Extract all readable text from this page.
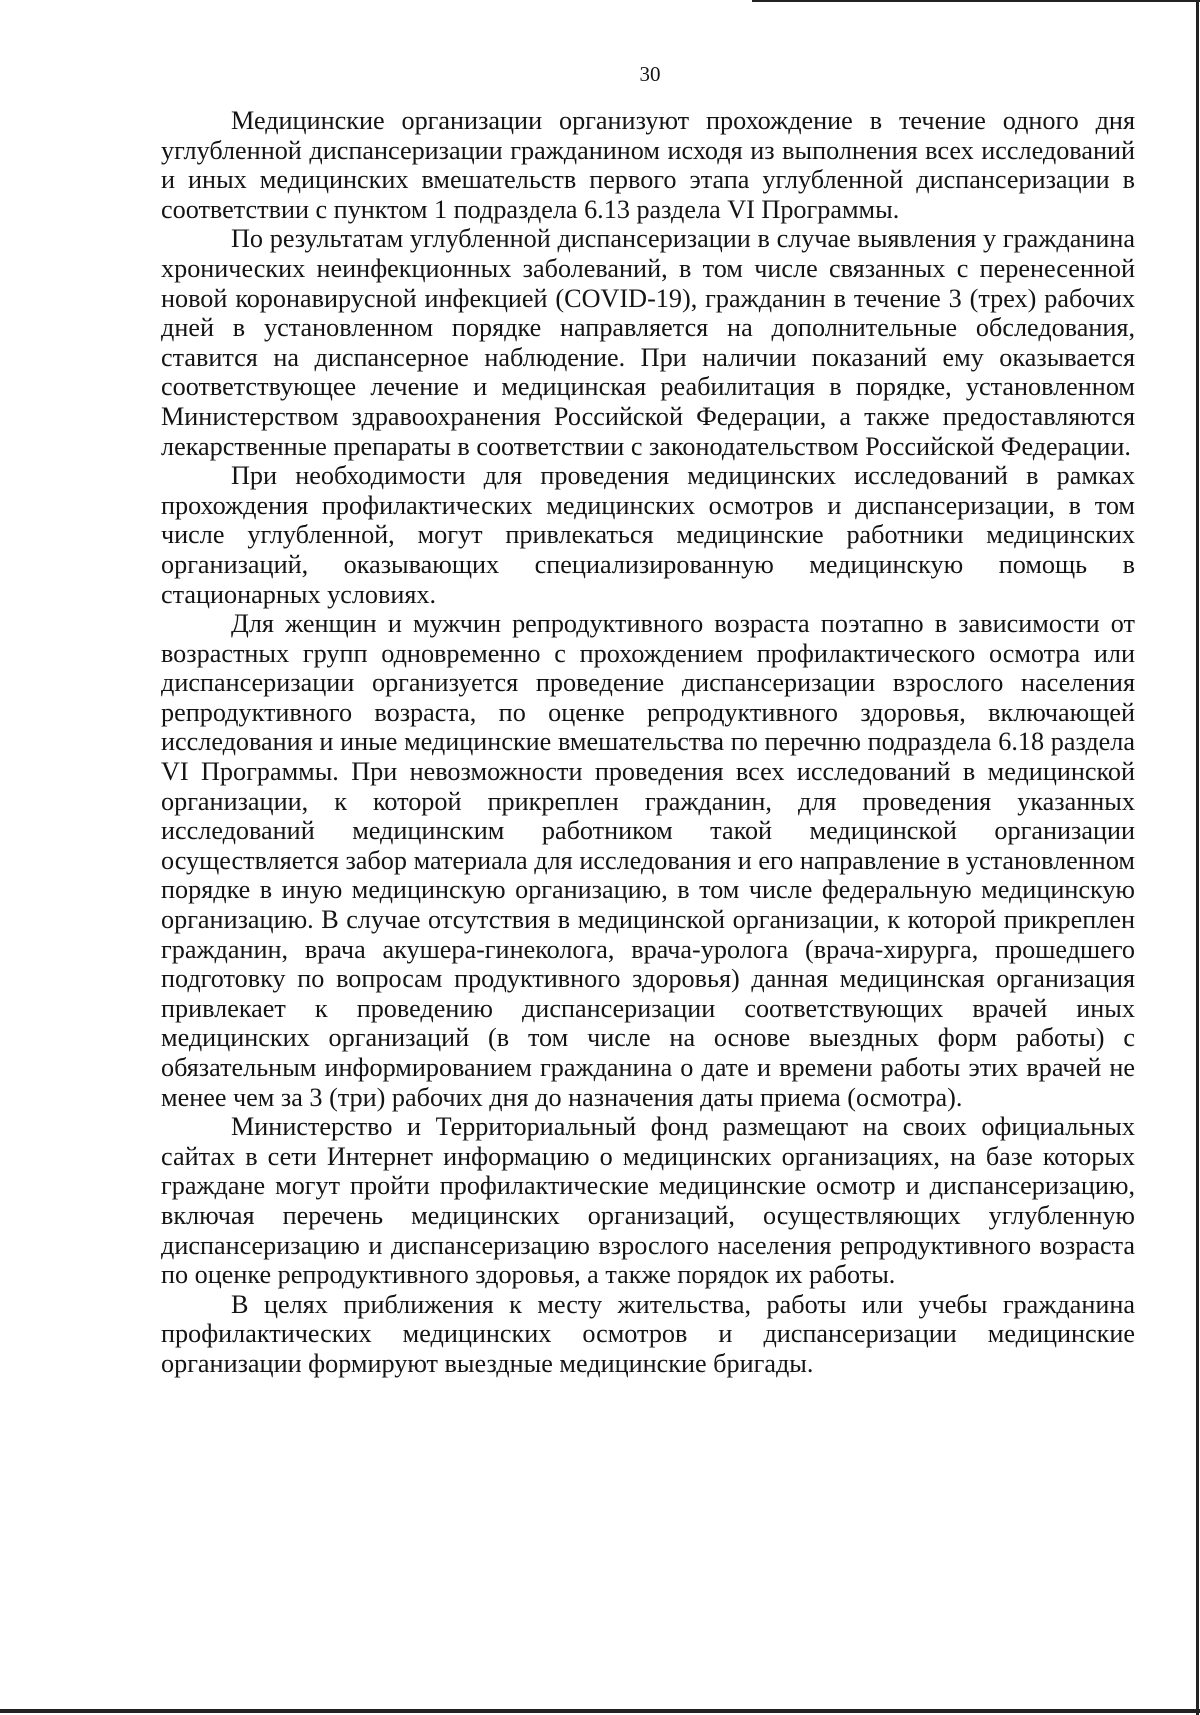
30

Медицинские организации организуют прохождение в течение одного дня углубленной диспансеризации гражданином исходя из выполнения всех исследований и иных медицинских вмешательств первого этапа углубленной диспансеризации в соответствии с пунктом 1 подраздела 6.13 раздела VI Программы.

По результатам углубленной диспансеризации в случае выявления у гражданина хронических неинфекционных заболеваний, в том числе связанных с перенесенной новой коронавирусной инфекцией (COVID-19), гражданин в течение 3 (трех) рабочих дней в установленном порядке направляется на дополнительные обследования, ставится на диспансерное наблюдение. При наличии показаний ему оказывается соответствующее лечение и медицинская реабилитация в порядке, установленном Министерством здравоохранения Российской Федерации, а также предоставляются лекарственные препараты в соответствии с законодательством Российской Федерации.

При необходимости для проведения медицинских исследований в рамках прохождения профилактических медицинских осмотров и диспансеризации, в том числе углубленной, могут привлекаться медицинские работники медицинских организаций, оказывающих специализированную медицинскую помощь в стационарных условиях.

Для женщин и мужчин репродуктивного возраста поэтапно в зависимости от возрастных групп одновременно с прохождением профилактического осмотра или диспансеризации организуется проведение диспансеризации взрослого населения репродуктивного возраста, по оценке репродуктивного здоровья, включающей исследования и иные медицинские вмешательства по перечню подраздела 6.18 раздела VI Программы. При невозможности проведения всех исследований в медицинской организации, к которой прикреплен гражданин, для проведения указанных исследований медицинским работником такой медицинской организации осуществляется забор материала для исследования и его направление в установленном порядке в иную медицинскую организацию, в том числе федеральную медицинскую организацию. В случае отсутствия в медицинской организации, к которой прикреплен гражданин, врача акушера-гинеколога, врача-уролога (врача-хирурга, прошедшего подготовку по вопросам продуктивного здоровья) данная медицинская организация привлекает к проведению диспансеризации соответствующих врачей иных медицинских организаций (в том числе на основе выездных форм работы) с обязательным информированием гражданина о дате и времени работы этих врачей не менее чем за 3 (три) рабочих дня до назначения даты приема (осмотра).

Министерство и Территориальный фонд размещают на своих официальных сайтах в сети Интернет информацию о медицинских организациях, на базе которых граждане могут пройти профилактические медицинские осмотр и диспансеризацию, включая перечень медицинских организаций, осуществляющих углубленную диспансеризацию и диспансеризацию взрослого населения репродуктивного возраста по оценке репродуктивного здоровья, а также порядок их работы.

В целях приближения к месту жительства, работы или учебы гражданина профилактических медицинских осмотров и диспансеризации медицинские организации формируют выездные медицинские бригады.
